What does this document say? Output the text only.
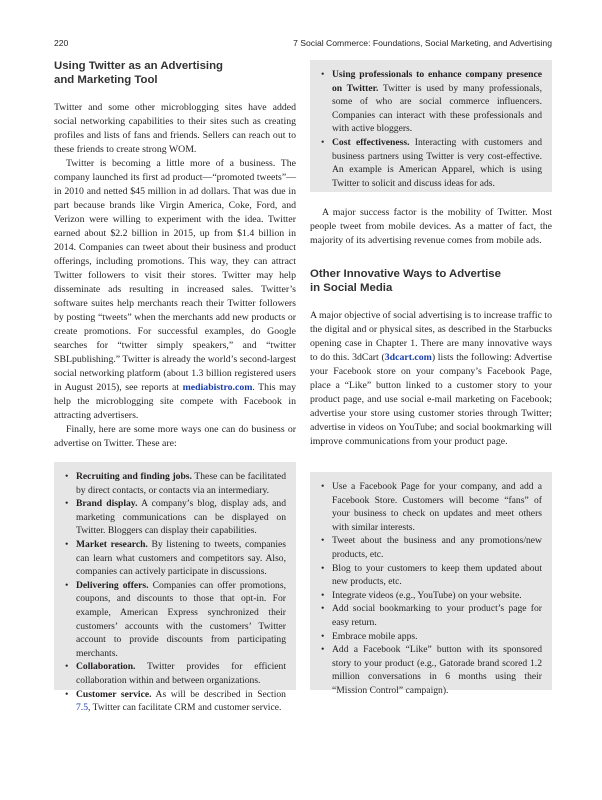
220	7 Social Commerce: Foundations, Social Marketing, and Advertising
Using Twitter as an Advertising
and Marketing Tool

Twitter and some other microblogging sites have added social networking capabilities to their sites such as creating profiles and lists of fans and friends. Sellers can reach out to these friends to create strong WOM.

Twitter is becoming a little more of a business. The company launched its first ad product—“promoted tweets”—in 2010 and netted $45 million in ad dollars. That was due in part because brands like Virgin America, Coke, Ford, and Verizon were willing to experiment with the idea. Twitter earned about $2.2 billion in 2015, up from $1.4 billion in 2014. Companies can tweet about their business and product offerings, including promotions. This way, they can attract Twitter followers to visit their stores. Twitter may help disseminate ads resulting in increased sales. Twitter’s software suites help merchants reach their Twitter followers by posting “tweets” when the merchants add new products or create promotions. For successful examples, do Google searches for “twitter simply speakers,” and “twitter SBLpublishing.” Twitter is already the world’s second-largest social networking platform (about 1.3 billion registered users in August 2015), see reports at mediabistro.com. This may help the microblogging site compete with Facebook in attracting advertisers.

Finally, here are some more ways one can do business or advertise on Twitter. These are:

• Recruiting and finding jobs. These can be facilitated by direct contacts, or contacts via an intermediary.
• Brand display. A company’s blog, display ads, and marketing communications can be displayed on Twitter. Bloggers can display their capabilities.
• Market research. By listening to tweets, companies can learn what customers and competitors say. Also, companies can actively participate in discussions.
• Delivering offers. Companies can offer promotions, coupons, and discounts to those that opt-in. For example, American Express synchronized their customers’ accounts with the customers’ Twitter account to provide discounts from participating merchants.
• Collaboration. Twitter provides for efficient collaboration within and between organizations.
• Customer service. As will be described in Section 7.5, Twitter can facilitate CRM and customer service.
• Using professionals to enhance company presence on Twitter. Twitter is used by many professionals, some of who are social commerce influencers. Companies can interact with these professionals and with active bloggers.
• Cost effectiveness. Interacting with customers and business partners using Twitter is very cost-effective. An example is American Apparel, which is using Twitter to solicit and discuss ideas for ads.

A major success factor is the mobility of Twitter. Most people tweet from mobile devices. As a matter of fact, the majority of its advertising revenue comes from mobile ads.

Other Innovative Ways to Advertise
in Social Media

A major objective of social advertising is to increase traffic to the digital and or physical sites, as described in the Starbucks opening case in Chapter 1. There are many innovative ways to do this. 3dCart (3dcart.com) lists the following: Advertise your Facebook store on your company’s Facebook Page, place a “Like” button linked to a customer story to your product page, and use social e-mail marketing on Facebook; advertise your store using customer stories through Twitter; advertise in videos on YouTube; and social bookmarking will improve communications from your product page.

• Use a Facebook Page for your company, and add a Facebook Store. Customers will become “fans” of your business to check on updates and meet others with similar interests.
• Tweet about the business and any promotions/new products, etc.
• Blog to your customers to keep them updated about new products, etc.
• Integrate videos (e.g., YouTube) on your website.
• Add social bookmarking to your product’s page for easy return.
• Embrace mobile apps.
• Add a Facebook “Like” button with its sponsored story to your product (e.g., Gatorade brand scored 1.2 million conversations in 6 months using their “Mission Control” campaign).
